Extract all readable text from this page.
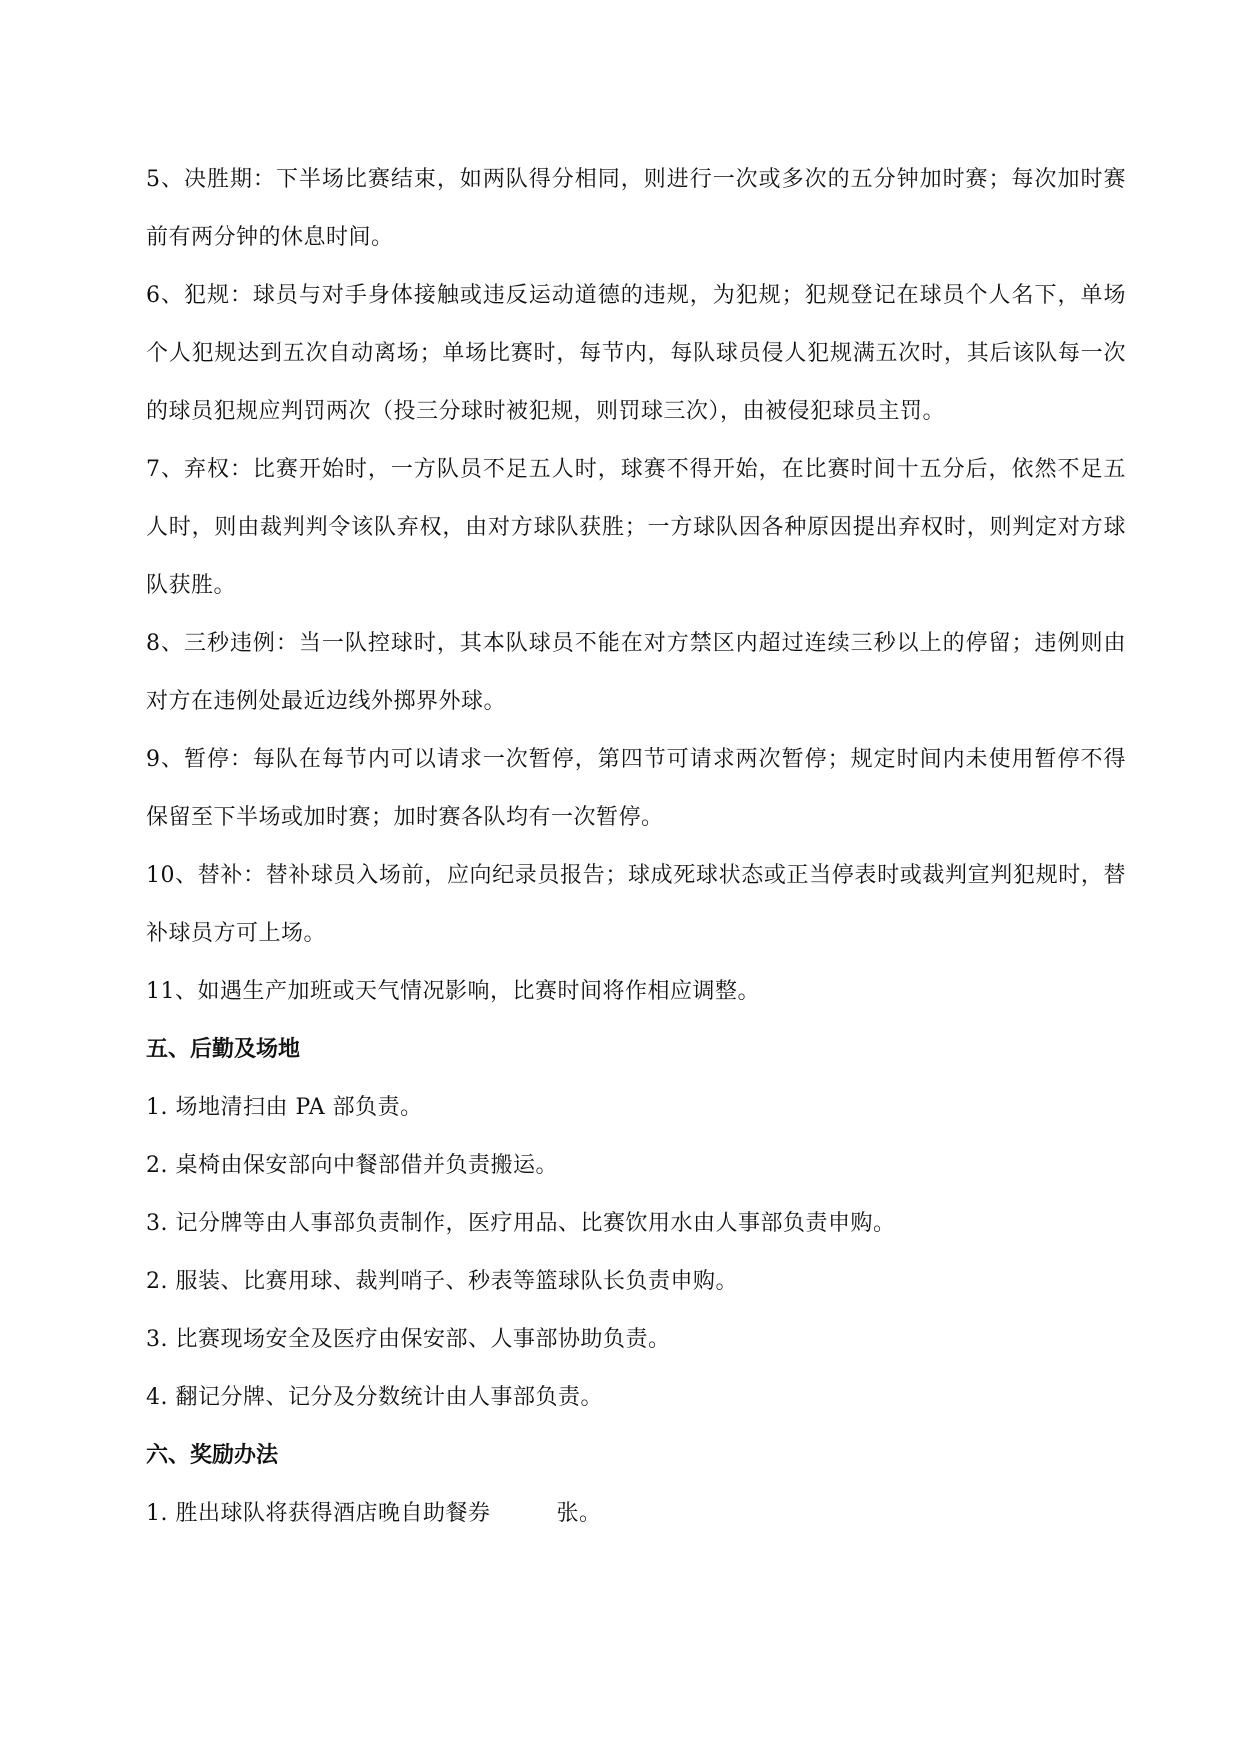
5、决胜期：下半场比赛结束，如两队得分相同，则进行一次或多次的五分钟加时赛；每次加时赛前有两分钟的休息时间。

6、犯规：球员与对手身体接触或违反运动道德的违规，为犯规；犯规登记在球员个人名下，单场个人犯规达到五次自动离场；单场比赛时，每节内，每队球员侵人犯规满五次时，其后该队每一次的球员犯规应判罚两次（投三分球时被犯规，则罚球三次），由被侵犯球员主罚。

7、弃权：比赛开始时，一方队员不足五人时，球赛不得开始，在比赛时间十五分后，依然不足五人时，则由裁判判令该队弃权，由对方球队获胜；一方球队因各种原因提出弃权时，则判定对方球队获胜。

8、三秒违例：当一队控球时，其本队球员不能在对方禁区内超过连续三秒以上的停留；违例则由对方在违例处最近边线外掷界外球。

9、暂停：每队在每节内可以请求一次暂停，第四节可请求两次暂停；规定时间内未使用暂停不得保留至下半场或加时赛；加时赛各队均有一次暂停。

10、替补：替补球员入场前，应向纪录员报告；球成死球状态或正当停表时或裁判宣判犯规时，替补球员方可上场。

11、如遇生产加班或天气情况影响，比赛时间将作相应调整。

五、后勤及场地

1. 场地清扫由 PA 部负责。

2. 桌椅由保安部向中餐部借并负责搬运。

3. 记分牌等由人事部负责制作，医疗用品、比赛饮用水由人事部负责申购。

2. 服装、比赛用球、裁判哨子、秒表等篮球队长负责申购。

3. 比赛现场安全及医疗由保安部、人事部协助负责。

4. 翻记分牌、记分及分数统计由人事部负责。

六、奖励办法

1. 胜出球队将获得酒店晚自助餐券	张。
